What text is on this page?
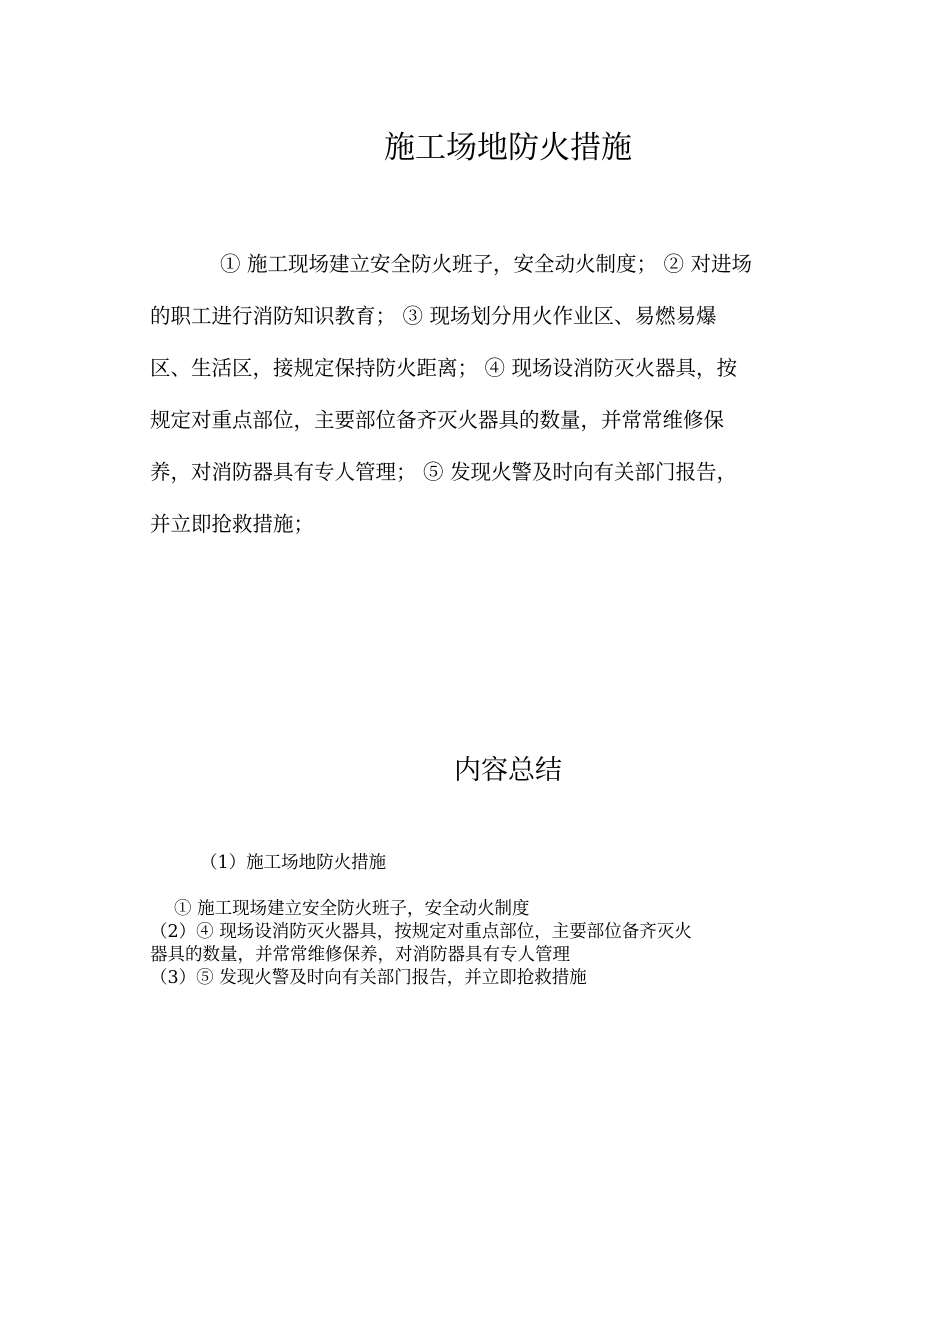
施工场地防火措施
① 施工现场建立安全防火班子，安全动火制度； ② 对进场
的职工进行消防知识教育； ③ 现场划分用火作业区、易燃易爆
区、生活区，接规定保持防火距离； ④ 现场设消防灭火器具，按
规定对重点部位，主要部位备齐灭火器具的数量，并常常维修保
养，对消防器具有专人管理； ⑤ 发现火警及时向有关部门报告，
并立即抢救措施；
内容总结
（1）施工场地防火措施
① 施工现场建立安全防火班子，安全动火制度
（2）④ 现场设消防灭火器具，按规定对重点部位，主要部位备齐灭火
器具的数量，并常常维修保养，对消防器具有专人管理
（3）⑤ 发现火警及时向有关部门报告，并立即抢救措施
